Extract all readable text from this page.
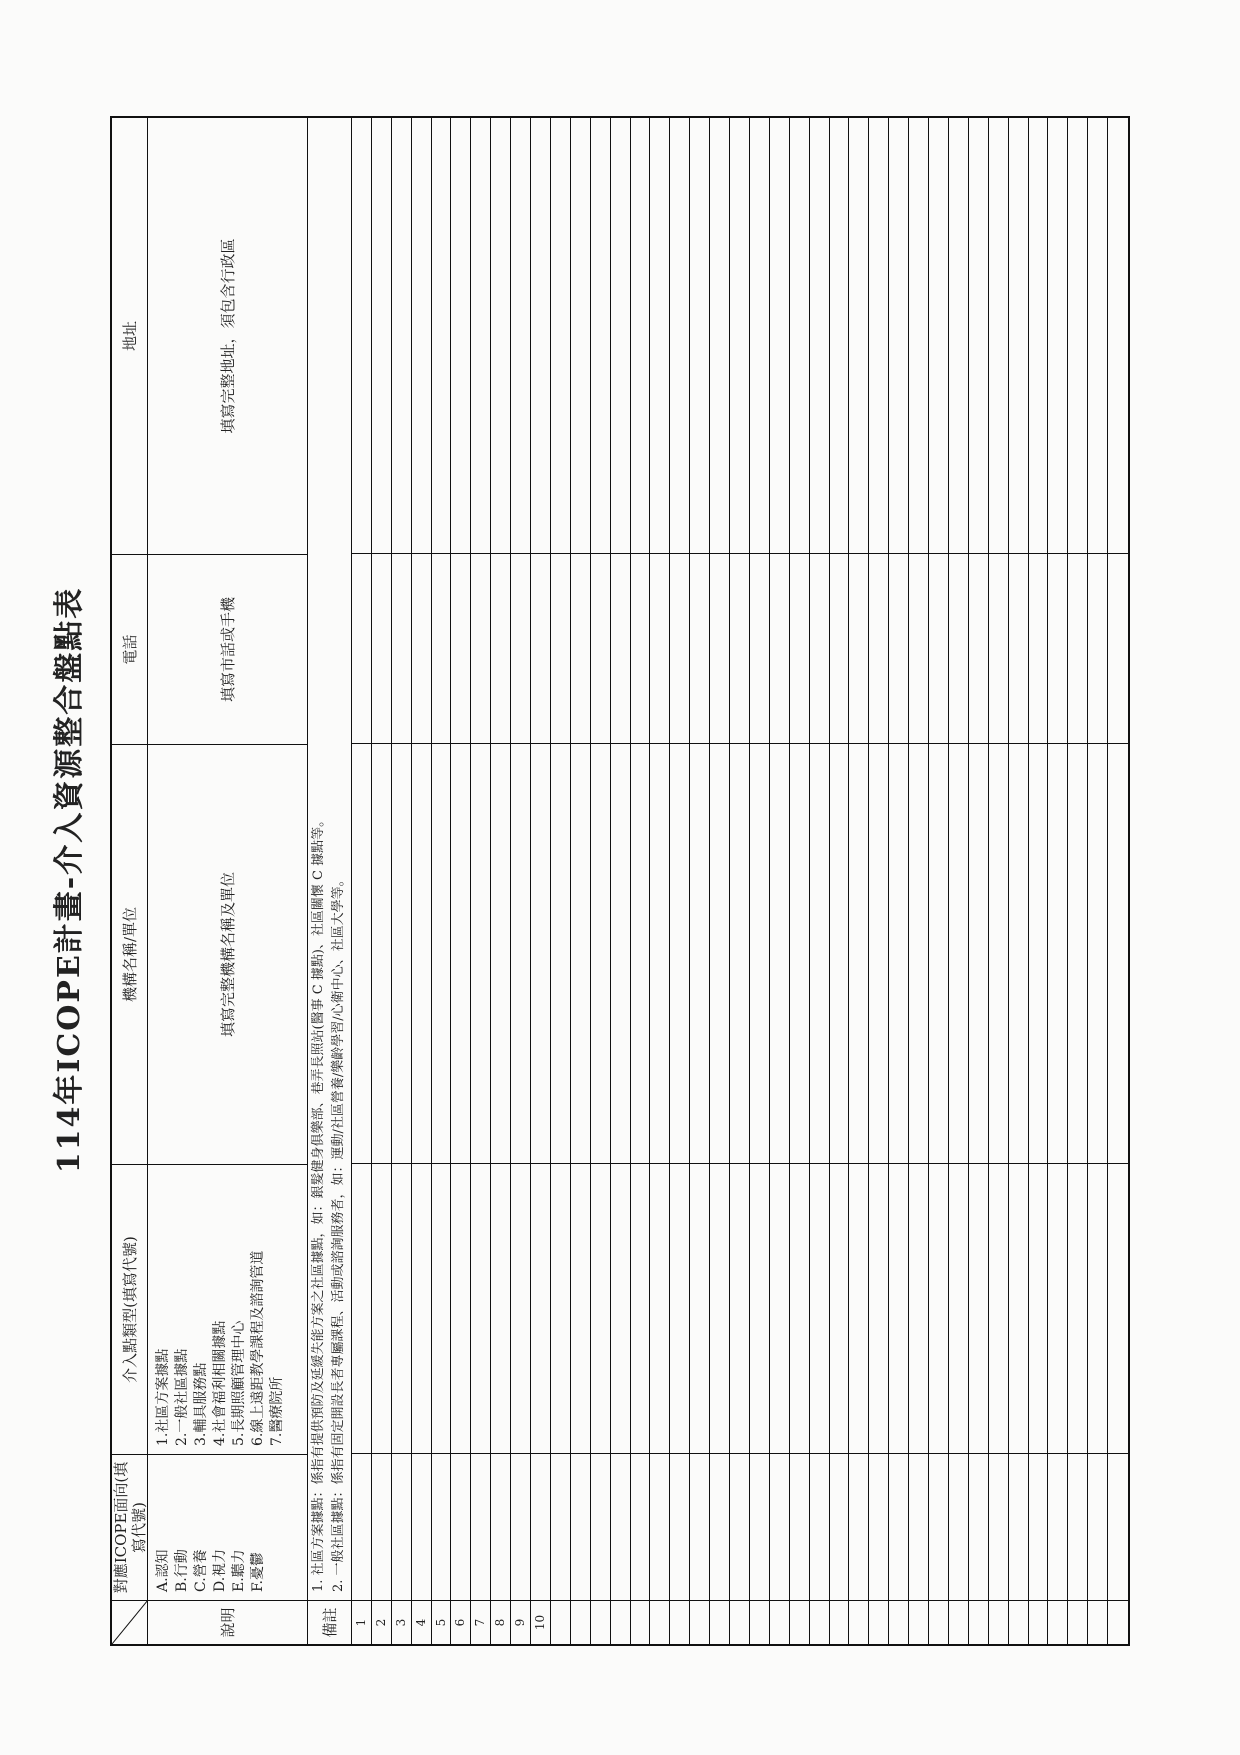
114年ICOPE計畫-介入資源整合盤點表
對應ICOPE面向(填寫代號)
介入點類型(填寫代號)
機構名稱/單位
電話
地址
說明
A.認知 B.行動 C.營養 D.視力 E.聽力 F.憂鬱
1.社區方案據點 2.一般社區據點 3.輔具服務點 4.社會福利相關據點 5.長期照顧管理中心 6.線上遠距教學課程及諮詢管道 7.醫療院所
填寫完整機構名稱及單位
填寫市話或手機
填寫完整地址，須包含行政區
備註
1. 社區方案據點：係指有提供預防及延緩失能方案之社區據點，如：銀髮健身俱樂部、巷弄長照站(醫事 C 據點)、社區關懷 C 據點等。 2. 一般社區據點：係指有固定開設長者專屬課程、活動或諮詢服務者，如：運動/社區營養/樂齡學習/心衛中心、社區大學等。
1 2 3 4 5 6 7 8 9 10
